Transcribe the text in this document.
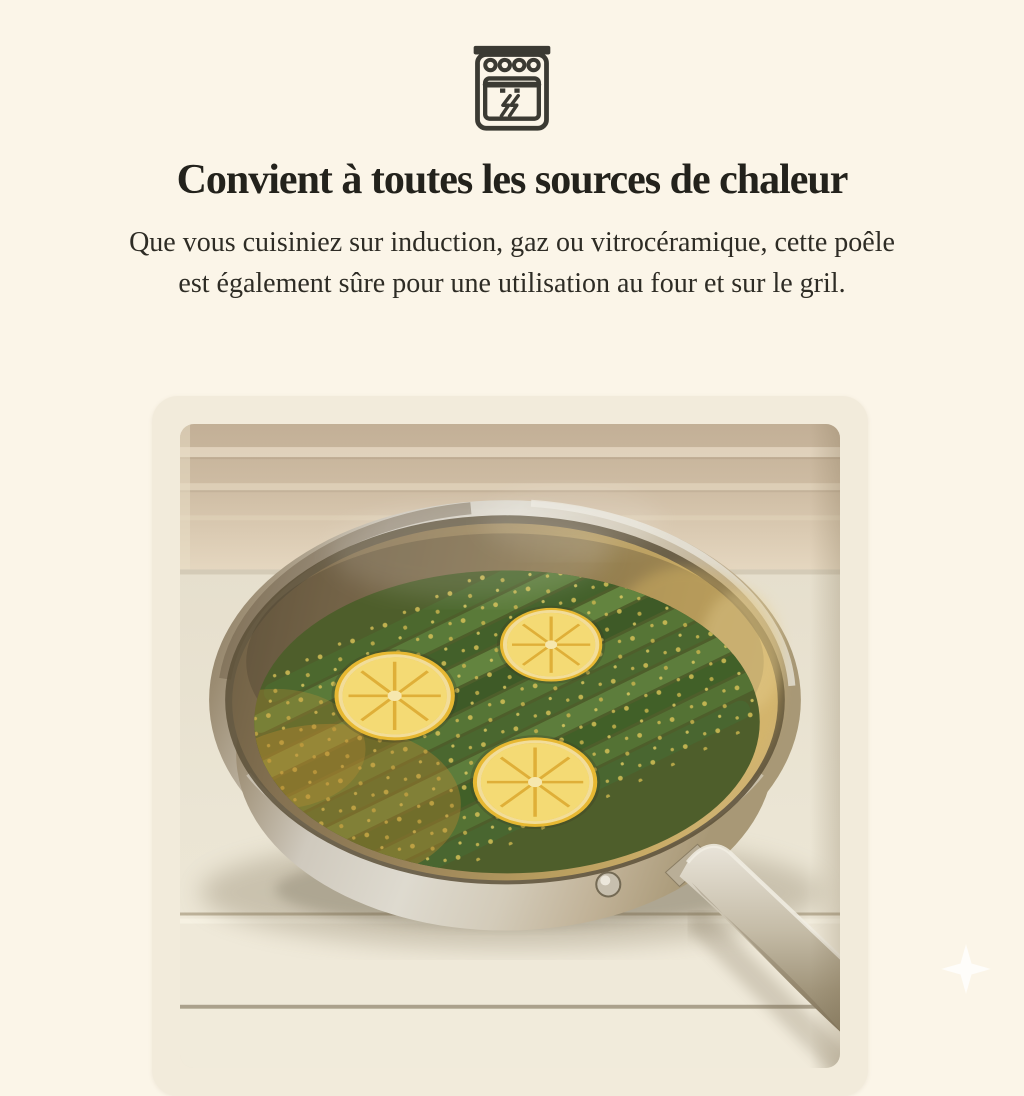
Convient à toutes les sources de chaleur

Que vous cuisiniez sur induction, gaz ou vitrocéramique, cette poêle
est également sûre pour une utilisation au four et sur le gril.
